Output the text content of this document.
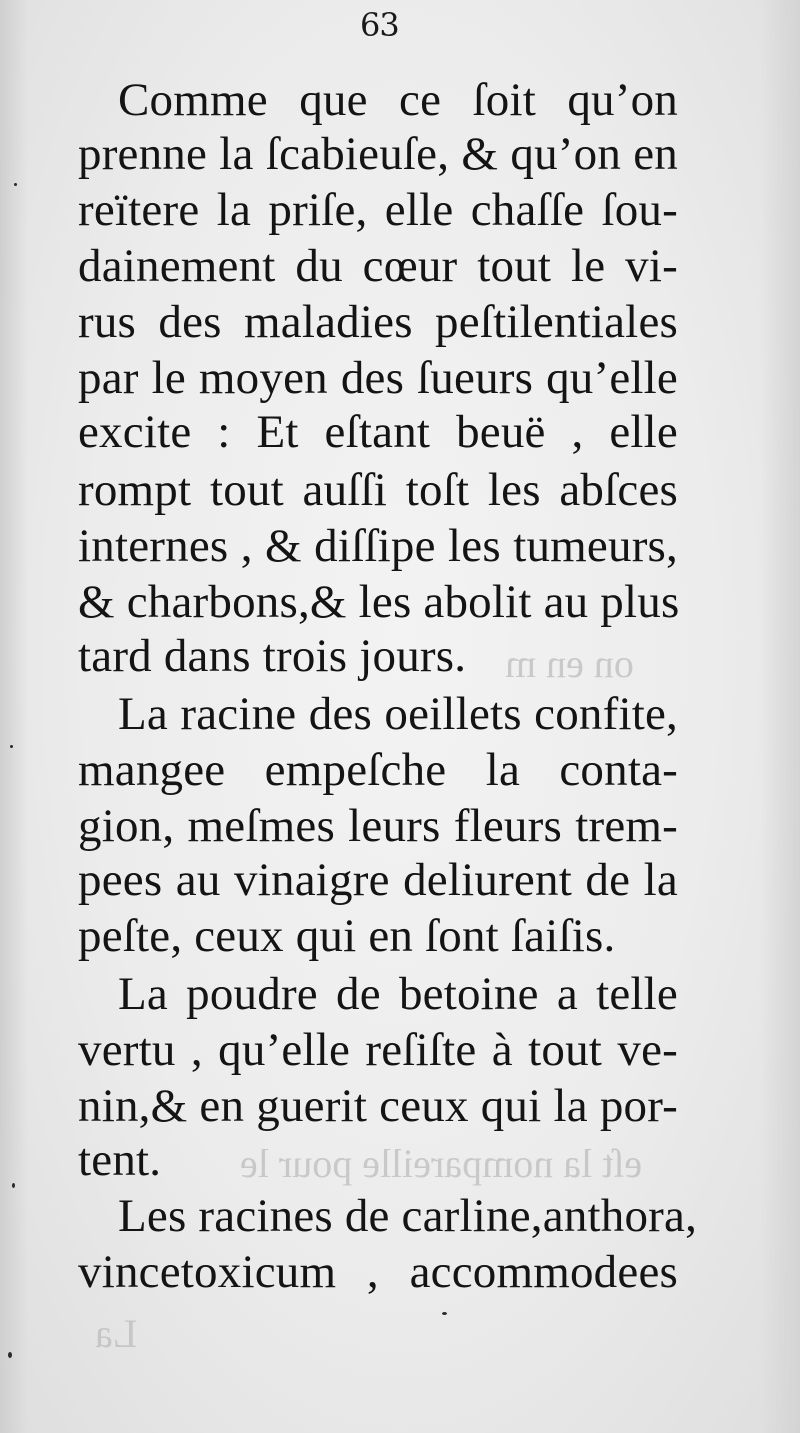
63
on en m
eſt la nompareille pour le
La
Comme que ce ſoit qu’on
prenne la ſcabieuſe, & qu’on en
reïtere la priſe, elle chaſſe ſou-
dainement du cœur tout le vi-
rus des maladies peſtilentiales
par le moyen des ſueurs qu’elle
excite : Et eſtant beuë , elle
rompt tout auſſi toſt les abſces
internes , & diſſipe les tumeurs,
& charbons,& les abolit au plus
tard dans trois jours.
La racine des oeillets confite,
mangee empeſche la conta-
gion, meſmes leurs fleurs trem-
pees au vinaigre deliurent de la
peſte, ceux qui en ſont ſaiſis.
La poudre de betoine a telle
vertu , qu’elle reſiſte à tout ve-
nin,& en guerit ceux qui la por-
tent.
Les racines de carline,anthora,
vincetoxicum , accommodees
